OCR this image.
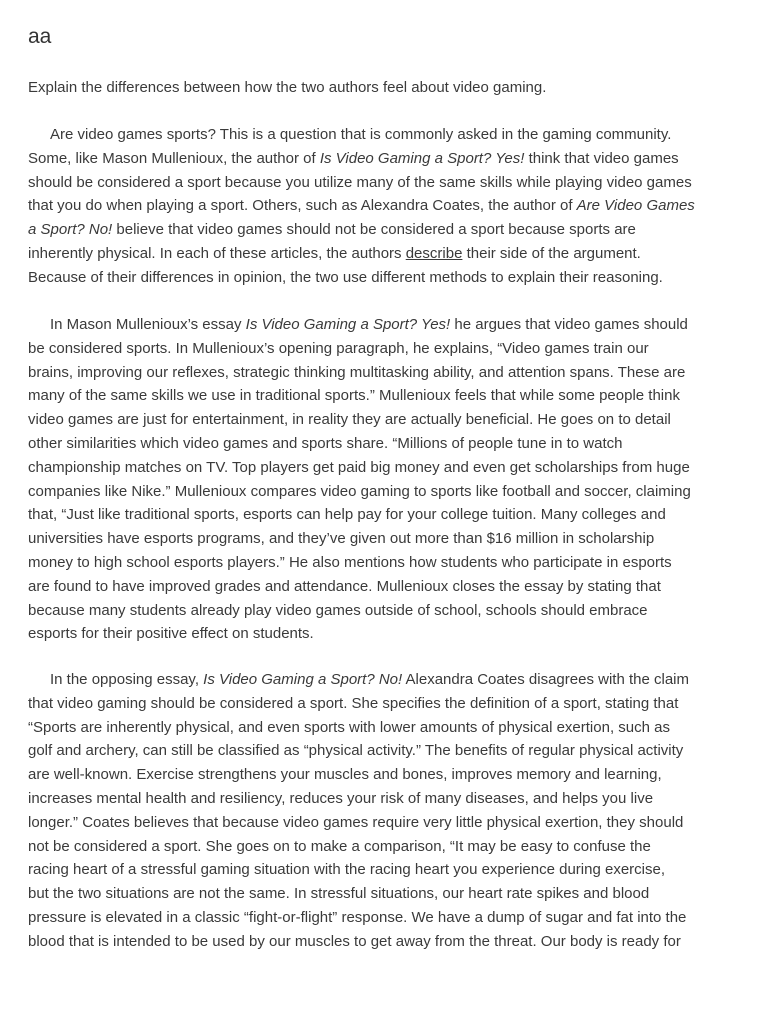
aa

Explain the differences between how the two authors feel about video gaming.

Are video games sports? This is a question that is commonly asked in the gaming community.
Some, like Mason Mullenioux, the author of Is Video Gaming a Sport? Yes! think that video games
should be considered a sport because you utilize many of the same skills while playing video games
that you do when playing a sport. Others, such as Alexandra Coates, the author of Are Video Games
a Sport? No! believe that video games should not be considered a sport because sports are
inherently physical. In each of these articles, the authors describe their side of the argument.
Because of their differences in opinion, the two use different methods to explain their reasoning.
In Mason Mullenioux’s essay Is Video Gaming a Sport? Yes! he argues that video games should
be considered sports. In Mullenioux’s opening paragraph, he explains, “Video games train our
brains, improving our reflexes, strategic thinking multitasking ability, and attention spans. These are
many of the same skills we use in traditional sports.” Mullenioux feels that while some people think
video games are just for entertainment, in reality they are actually beneficial. He goes on to detail
other similarities which video games and sports share. “Millions of people tune in to watch
championship matches on TV. Top players get paid big money and even get scholarships from huge
companies like Nike.” Mullenioux compares video gaming to sports like football and soccer, claiming
that, “Just like traditional sports, esports can help pay for your college tuition. Many colleges and
universities have esports programs, and they’ve given out more than $16 million in scholarship
money to high school esports players.” He also mentions how students who participate in esports
are found to have improved grades and attendance. Mullenioux closes the essay by stating that
because many students already play video games outside of school, schools should embrace
esports for their positive effect on students.
In the opposing essay, Is Video Gaming a Sport? No! Alexandra Coates disagrees with the claim
that video gaming should be considered a sport. She specifies the definition of a sport, stating that
“Sports are inherently physical, and even sports with lower amounts of physical exertion, such as
golf and archery, can still be classified as “physical activity.” The benefits of regular physical activity
are well-known. Exercise strengthens your muscles and bones, improves memory and learning,
increases mental health and resiliency, reduces your risk of many diseases, and helps you live
longer.” Coates believes that because video games require very little physical exertion, they should
not be considered a sport. She goes on to make a comparison, “It may be easy to confuse the
racing heart of a stressful gaming situation with the racing heart you experience during exercise,
but the two situations are not the same. In stressful situations, our heart rate spikes and blood
pressure is elevated in a classic “fight-or-flight” response. We have a dump of sugar and fat into the
blood that is intended to be used by our muscles to get away from the threat. Our body is ready for
